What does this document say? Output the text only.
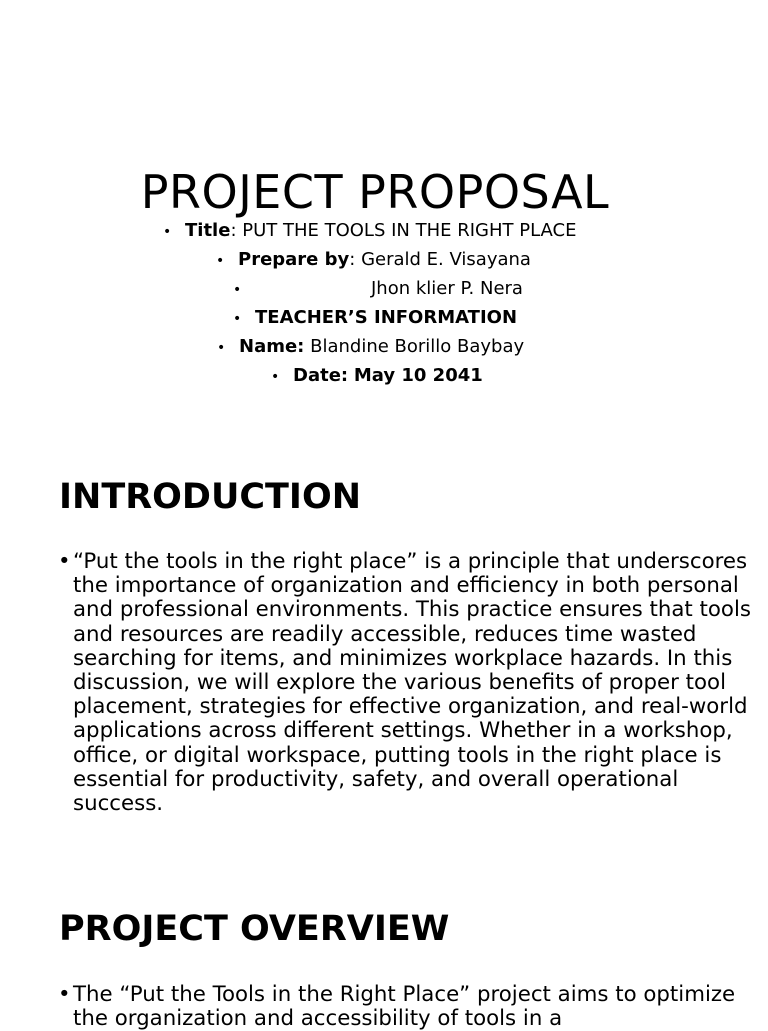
PROJECT PROPOSAL
• Title: PUT THE TOOLS IN THE RIGHT PLACE
• Prepare by: Gerald E. Visayana
•	Jhon klier P. Nera
• TEACHER’S INFORMATION
• Name: Blandine Borillo Baybay
• Date: May 10 2041
INTRODUCTION

• “Put the tools in the right place” is a principle that underscores the importance of organization and efficiency in both personal and professional environments. This practice ensures that tools and resources are readily accessible, reduces time wasted searching for items, and minimizes workplace hazards. In this discussion, we will explore the various benefits of proper tool placement, strategies for effective organization, and real-world applications across different settings. Whether in a workshop, office, or digital workspace, putting tools in the right place is essential for productivity, safety, and overall operational success.

PROJECT OVERVIEW

• The “Put the Tools in the Right Place” project aims to optimize the organization and accessibility of tools in a
